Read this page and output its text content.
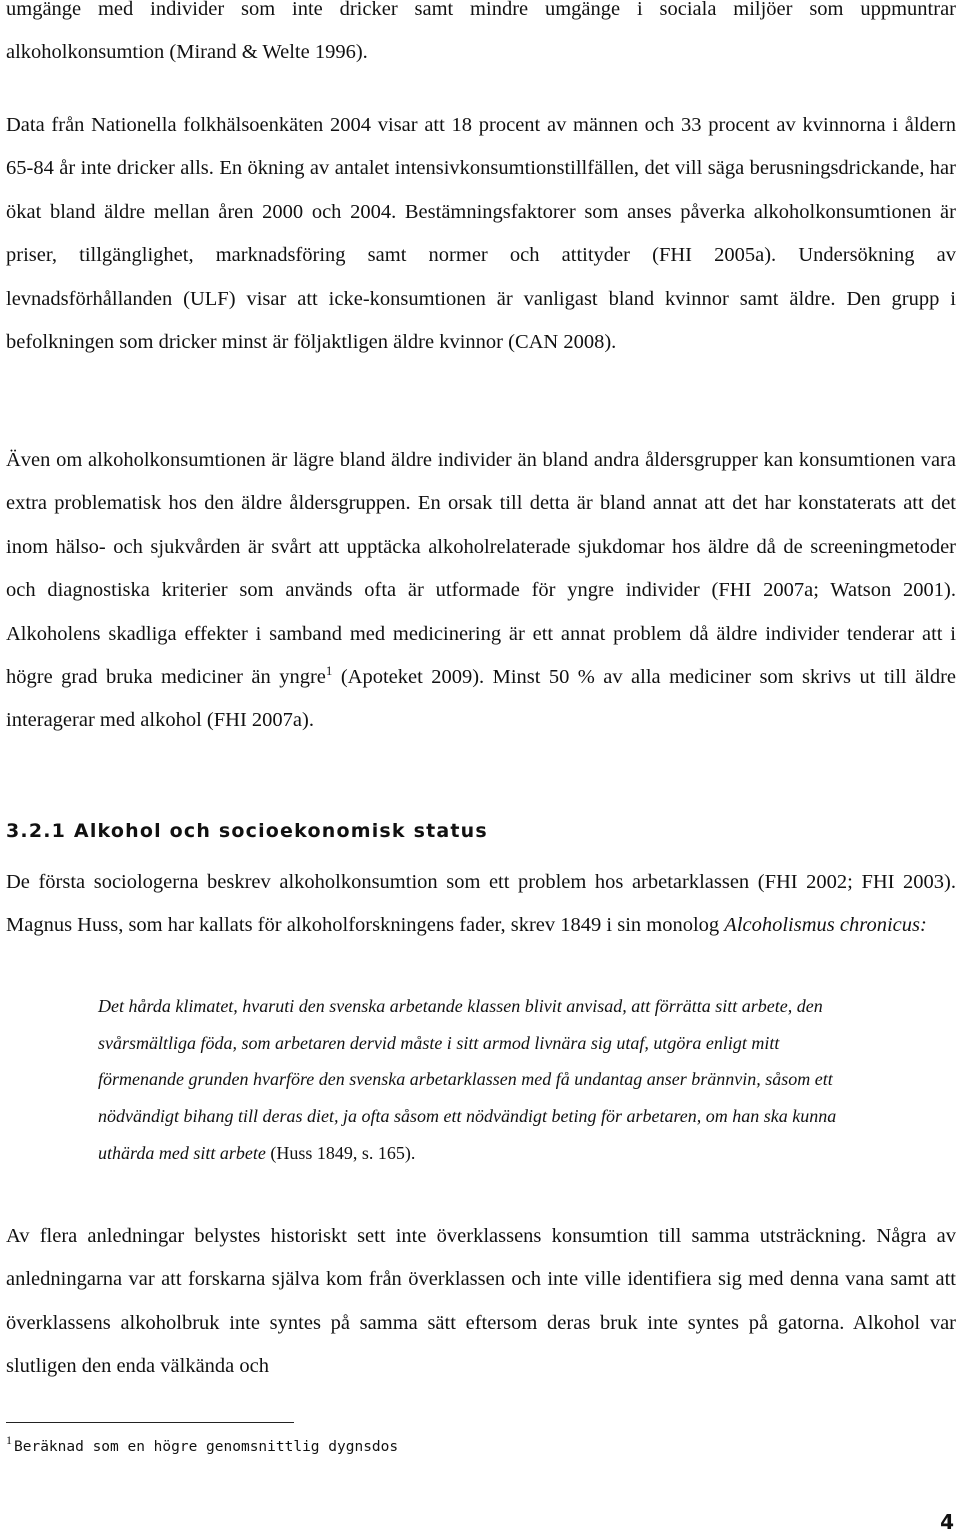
umgänge med individer som inte dricker samt mindre umgänge i sociala miljöer som uppmuntrar alkoholkonsumtion (Mirand & Welte 1996).

Data från Nationella folkhälsoenkäten 2004 visar att 18 procent av männen och 33 procent av kvinnorna i åldern 65-84 år inte dricker alls. En ökning av antalet intensivkonsumtionstillfällen, det vill säga berusningsdrickande, har ökat bland äldre mellan åren 2000 och 2004. Bestämningsfaktorer som anses påverka alkoholkonsumtionen är priser, tillgänglighet, marknadsföring samt normer och attityder (FHI 2005a). Undersökning av levnadsförhållanden (ULF) visar att icke-konsumtionen är vanligast bland kvinnor samt äldre. Den grupp i befolkningen som dricker minst är följaktligen äldre kvinnor (CAN 2008).

Även om alkoholkonsumtionen är lägre bland äldre individer än bland andra åldersgrupper kan konsumtionen vara extra problematisk hos den äldre åldersgruppen. En orsak till detta är bland annat att det har konstaterats att det inom hälso- och sjukvården är svårt att upptäcka alkoholrelaterade sjukdomar hos äldre då de screeningmetoder och diagnostiska kriterier som används ofta är utformade för yngre individer (FHI 2007a; Watson 2001). Alkoholens skadliga effekter i samband med medicinering är ett annat problem då äldre individer tenderar att i högre grad bruka mediciner än yngre$^1$ (Apoteket 2009). Minst 50 % av alla mediciner som skrivs ut till äldre interagerar med alkohol (FHI 2007a).

3.2.1 Alkohol och socioekonomisk status

De första sociologerna beskrev alkoholkonsumtion som ett problem hos arbetarklassen (FHI 2002; FHI 2003). Magnus Huss, som har kallats för alkoholforskningens fader, skrev 1849 i sin monolog Alcoholismus chronicus:

Det hårda klimatet, hvaruti den svenska arbetande klassen blivit anvisad, att förrätta sitt arbete, den svårsmältliga föda, som arbetaren dervid måste i sitt armod livnära sig utaf, utgöra enligt mitt förmenande grunden hvarföre den svenska arbetarklassen med få undantag anser brännvin, såsom ett nödvändigt bihang till deras diet, ja ofta såsom ett nödvändigt beting för arbetaren, om han ska kunna uthärda med sitt arbete (Huss 1849, s. 165).

Av flera anledningar belystes historiskt sett inte överklassens konsumtion till samma utsträckning. Några av anledningarna var att forskarna själva kom från överklassen och inte ville identifiera sig med denna vana samt att överklassens alkoholbruk inte syntes på samma sätt eftersom deras bruk inte syntes på gatorna. Alkohol var slutligen den enda välkända och

$^1$ Beräknad som en högre genomsnittlig dygnsdos

4
